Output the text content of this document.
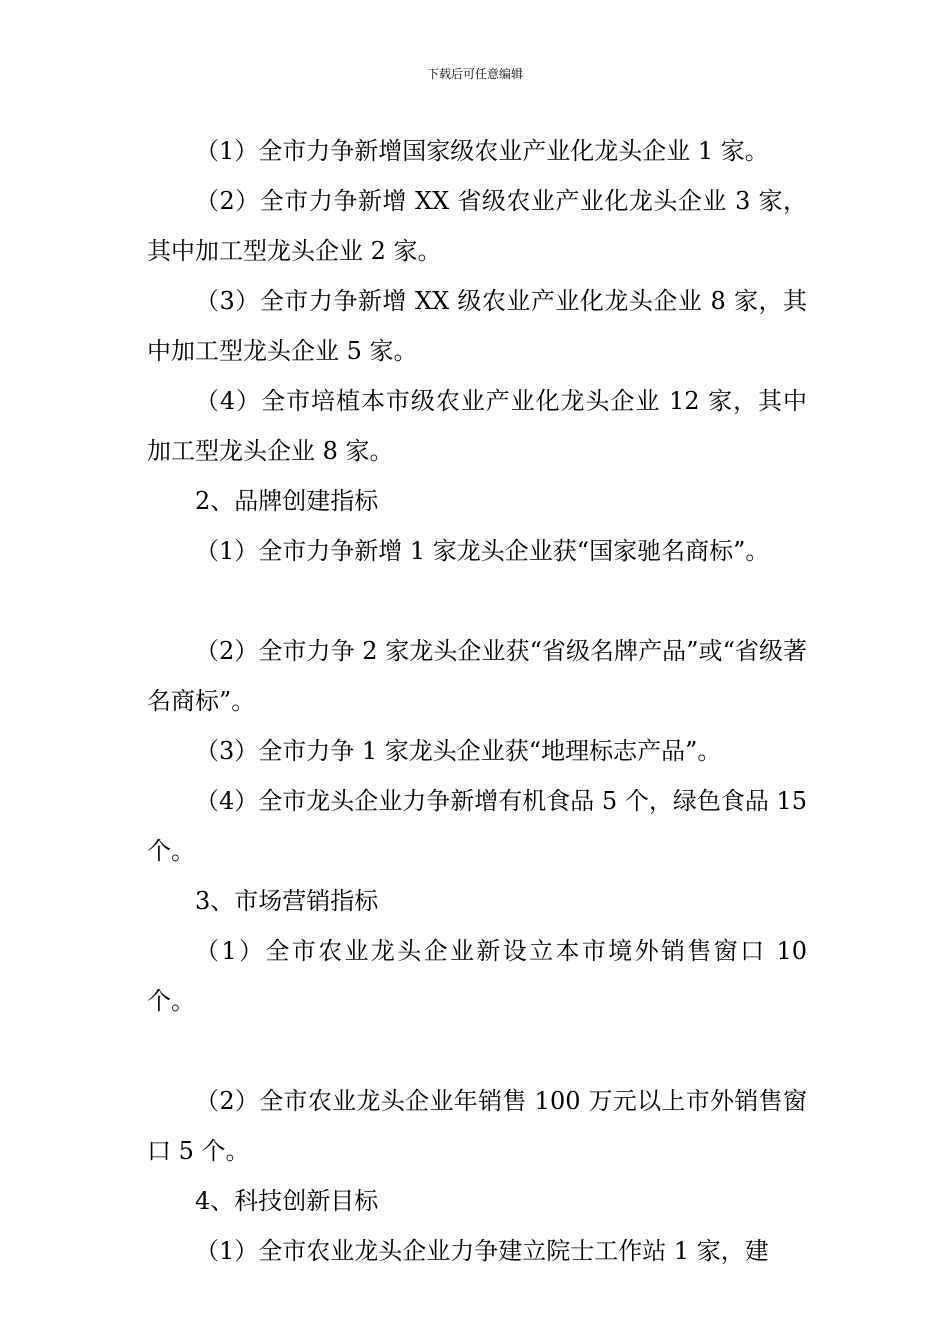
下载后可任意编辑

（1）全市力争新增国家级农业产业化龙头企业 1 家。

（2）全市力争新增 XX 省级农业产业化龙头企业 3 家，其中加工型龙头企业 2 家。

（3）全市力争新增 XX 级农业产业化龙头企业 8 家，其中加工型龙头企业 5 家。

（4）全市培植本市级农业产业化龙头企业 12 家，其中加工型龙头企业 8 家。

2、品牌创建指标

（1）全市力争新增 1 家龙头企业获“国家驰名商标”。

（2）全市力争 2 家龙头企业获“省级名牌产品”或“省级著名商标”。

（3）全市力争 1 家龙头企业获“地理标志产品”。

（4）全市龙头企业力争新增有机食品 5 个，绿色食品 15 个。

3、市场营销指标

（1）全市农业龙头企业新设立本市境外销售窗口 10 个。

（2）全市农业龙头企业年销售 100 万元以上市外销售窗口 5 个。

4、科技创新目标

（1）全市农业龙头企业力争建立院士工作站 1 家，建
